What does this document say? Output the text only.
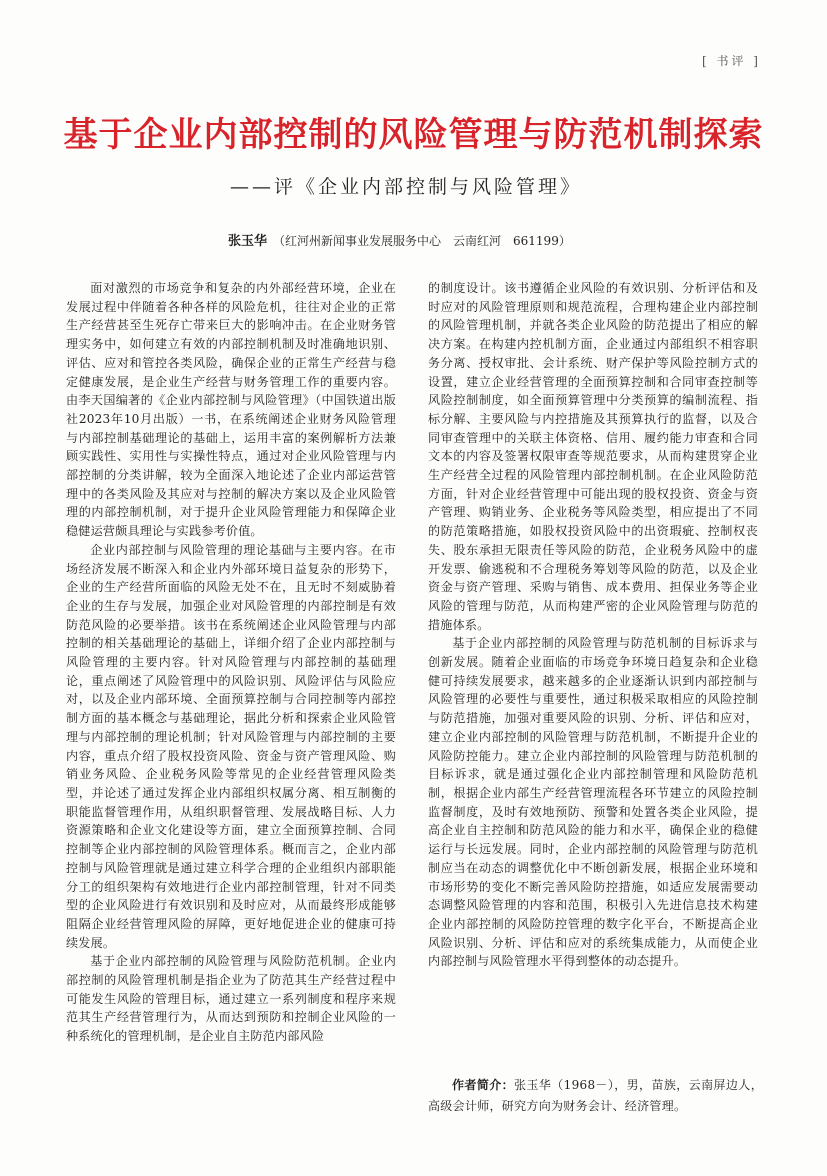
[ 书评 ]
基于企业内部控制的风险管理与防范机制探索
——评《企业内部控制与风险管理》
张玉华 （红河州新闻事业发展服务中心　云南红河　661199）

面对激烈的市场竞争和复杂的内外部经营环境，企业在发展过程中伴随着各种各样的风险危机，往往对企业的正常生产经营甚至生死存亡带来巨大的影响冲击。在企业财务管理实务中，如何建立有效的内部控制机制及时准确地识别、评估、应对和管控各类风险，确保企业的正常生产经营与稳定健康发展，是企业生产经营与财务管理工作的重要内容。由李天国编著的《企业内部控制与风险管理》（中国铁道出版社2023年10月出版）一书，在系统阐述企业财务风险管理与内部控制基础理论的基础上，运用丰富的案例解析方法兼顾实践性、实用性与实操性特点，通过对企业风险管理与内部控制的分类讲解，较为全面深入地论述了企业内部运营管理中的各类风险及其应对与控制的解决方案以及企业风险管理的内部控制机制，对于提升企业风险管理能力和保障企业稳健运营颇具理论与实践参考价值。

企业内部控制与风险管理的理论基础与主要内容。在市场经济发展不断深入和企业内外部环境日益复杂的形势下，企业的生产经营所面临的风险无处不在，且无时不刻威胁着企业的生存与发展，加强企业对风险管理的内部控制是有效防范风险的必要举措。该书在系统阐述企业风险管理与内部控制的相关基础理论的基础上，详细介绍了企业内部控制与风险管理的主要内容。针对风险管理与内部控制的基础理论，重点阐述了风险管理中的风险识别、风险评估与风险应对，以及企业内部环境、全面预算控制与合同控制等内部控制方面的基本概念与基础理论，据此分析和探索企业风险管理与内部控制的理论机制；针对风险管理与内部控制的主要内容，重点介绍了股权投资风险、资金与资产管理风险、购销业务风险、企业税务风险等常见的企业经营管理风险类型，并论述了通过发挥企业内部组织权属分离、相互制衡的职能监督管理作用，从组织职督管理、发展战略目标、人力资源策略和企业文化建设等方面，建立全面预算控制、合同控制等企业内部控制的风险管理体系。概而言之，企业内部控制与风险管理就是通过建立科学合理的企业组织内部职能分工的组织架构有效地进行企业内部控制管理，针对不同类型的企业风险进行有效识别和及时应对，从而最终形成能够阻隔企业经营管理风险的屏障，更好地促进企业的健康可持续发展。

基于企业内部控制的风险管理与风险防范机制。企业内部控制的风险管理机制是指企业为了防范其生产经营过程中可能发生风险的管理目标，通过建立一系列制度和程序来规范其生产经营管理行为，从而达到预防和控制企业风险的一种系统化的管理机制，是企业自主防范内部风险

的制度设计。该书遵循企业风险的有效识别、分析评估和及时应对的风险管理原则和规范流程，合理构建企业内部控制的风险管理机制，并就各类企业风险的防范提出了相应的解决方案。在构建内控机制方面，企业通过内部组织不相容职务分离、授权审批、会计系统、财产保护等风险控制方式的设置，建立企业经营管理的全面预算控制和合同审查控制等风险控制制度，如全面预算管理中分类预算的编制流程、指标分解、主要风险与内控措施及其预算执行的监督，以及合同审查管理中的关联主体资格、信用、履约能力审查和合同文本的内容及签署权限审查等规范要求，从而构建贯穿企业生产经营全过程的风险管理内部控制机制。在企业风险防范方面，针对企业经营管理中可能出现的股权投资、资金与资产管理、购销业务、企业税务等风险类型，相应提出了不同的防范策略措施，如股权投资风险中的出资瑕疵、控制权丧失、股东承担无限责任等风险的防范，企业税务风险中的虚开发票、偷逃税和不合理税务筹划等风险的防范，以及企业资金与资产管理、采购与销售、成本费用、担保业务等企业风险的管理与防范，从而构建严密的企业风险管理与防范的措施体系。

基于企业内部控制的风险管理与防范机制的目标诉求与创新发展。随着企业面临的市场竞争环境日趋复杂和企业稳健可持续发展要求，越来越多的企业逐渐认识到内部控制与风险管理的必要性与重要性，通过积极采取相应的风险控制与防范措施，加强对重要风险的识别、分析、评估和应对，建立企业内部控制的风险管理与防范机制，不断提升企业的风险防控能力。建立企业内部控制的风险管理与防范机制的目标诉求，就是通过强化企业内部控制管理和风险防范机制，根据企业内部生产经营管理流程各环节建立的风险控制监督制度，及时有效地预防、预警和处置各类企业风险，提高企业自主控制和防范风险的能力和水平，确保企业的稳健运行与长远发展。同时，企业内部控制的风险管理与防范机制应当在动态的调整优化中不断创新发展，根据企业环境和市场形势的变化不断完善风险防控措施，如适应发展需要动态调整风险管理的内容和范围，积极引入先进信息技术构建企业内部控制的风险防控管理的数字化平台，不断提高企业风险识别、分析、评估和应对的系统集成能力，从而使企业内部控制与风险管理水平得到整体的动态提升。

作者简介：张玉华（1968－），男，苗族，云南屏边人，高级会计师，研究方向为财务会计、经济管理。
